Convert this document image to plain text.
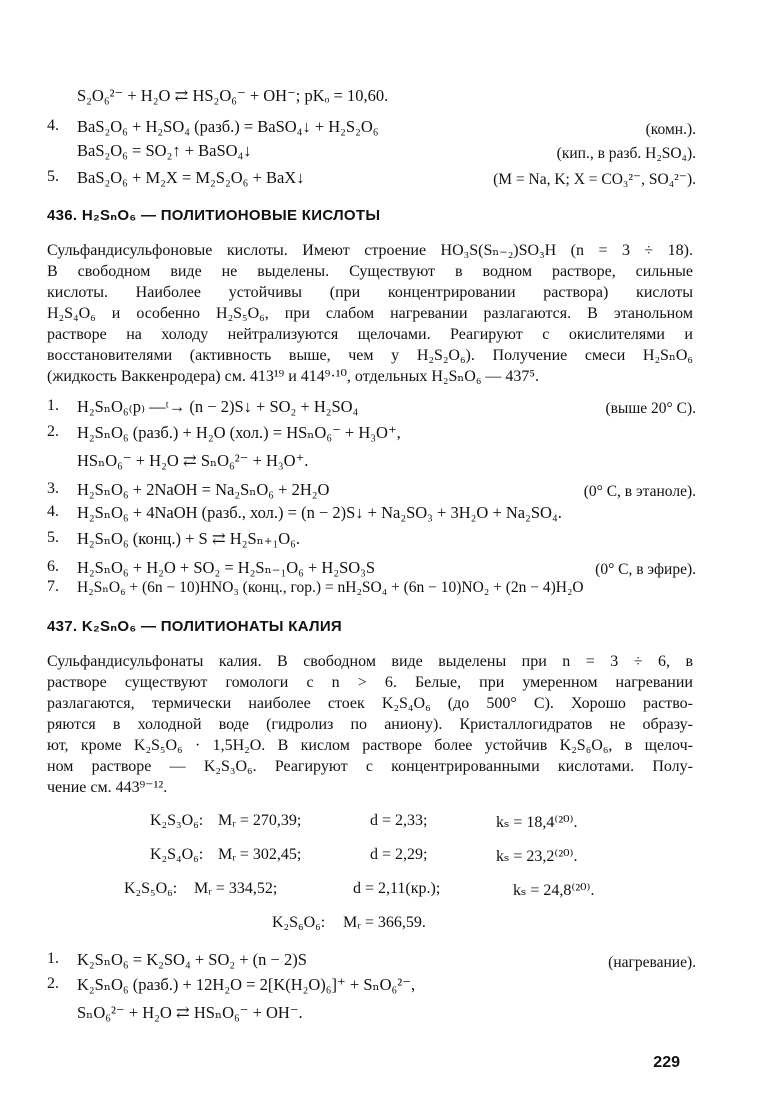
S₂O₆²⁻ + H₂O ⇄ HS₂O₆⁻ + OH⁻; pKₒ = 10,60.
4. BaS₂O₆ + H₂SO₄ (разб.) = BaSO₄↓ + H₂S₂O₆	(комн.).
BaS₂O₆ = SO₂↑ + BaSO₄↓	(кип., в разб. H₂SO₄).
5. BaS₂O₆ + M₂X = M₂S₂O₆ + BaX↓	(M = Na, K; X = CO₃²⁻, SO₄²⁻).
436. H₂SₙO₆ — ПОЛИТИОНОВЫЕ КИСЛОТЫ
Сульфандисульфоновые кислоты. Имеют строение HO₃S(Sₙ₋₂)SO₃H (n = 3 ÷ 18).
В свободном виде не выделены. Существуют в водном растворе, сильные
кислоты. Наиболее устойчивы (при концентрировании раствора) кислоты
H₂S₄O₆ и особенно H₂S₅O₆, при слабом нагревании разлагаются. В этанольном
растворе на холоду нейтрализуются щелочами. Реагируют с окислителями и
восстановителями (активность выше, чем у H₂S₂O₆). Получение смеси H₂SₙO₆
(жидкость Ваккенродера) см. 413¹⁹ и 414⁹·¹⁰, отдельных H₂SₙO₆ — 437⁵.
1. H₂SₙO₆₍р₎ ―ᵗ→ (n − 2)S↓ + SO₂ + H₂SO₄	(выше 20° C).
2. H₂SₙO₆ (разб.) + H₂O (хол.) = HSₙO₆⁻ + H₃O⁺,
HSₙO₆⁻ + H₂O ⇄ SₙO₆²⁻ + H₃O⁺.
3. H₂SₙO₆ + 2NaOH = Na₂SₙO₆ + 2H₂O	(0° C, в этаноле).
4. H₂SₙO₆ + 4NaOH (разб., хол.) = (n − 2)S↓ + Na₂SO₃ + 3H₂O + Na₂SO₄.
5. H₂SₙO₆ (конц.) + S ⇄ H₂Sₙ₊₁O₆.
6. H₂SₙO₆ + H₂O + SO₂ = H₂Sₙ₋₁O₆ + H₂SO₃S	(0° C, в эфире).
7. H₂SₙO₆ + (6n − 10)HNO₃ (конц., гор.) = nH₂SO₄ + (6n − 10)NO₂ + (2n − 4)H₂O
437. K₂SₙO₆ — ПОЛИТИОНАТЫ КАЛИЯ
Сульфандисульфонаты калия. В свободном виде выделены при n = 3 ÷ 6, в
растворе существуют гомологи с n > 6. Белые, при умеренном нагревании
разлагаются, термически наиболее стоек K₂S₄O₆ (до 500° C). Хорошо раство-
ряются в холодной воде (гидролиз по аниону). Кристаллогидратов не образу-
ют, кроме K₂S₅O₆ · 1,5H₂O. В кислом растворе более устойчив K₂S₆O₆, в щелоч-
ном растворе — K₂S₃O₆. Реагируют с концентрированными кислотами. Полу-
чение см. 443⁹⁻¹².
K₂S₃O₆: Mᵣ = 270,39;	d = 2,33;	kₛ = 18,4⁽²⁰⁾.
K₂S₄O₆: Mᵣ = 302,45;	d = 2,29;	kₛ = 23,2⁽²⁰⁾.
K₂S₅O₆: Mᵣ = 334,52;	d = 2,11(кр.);	kₛ = 24,8⁽²⁰⁾.
K₂S₆O₆: Mᵣ = 366,59.
1. K₂SₙO₆ = K₂SO₄ + SO₂ + (n − 2)S	(нагревание).
2. K₂SₙO₆ (разб.) + 12H₂O = 2[K(H₂O)₆]⁺ + SₙO₆²⁻,
SₙO₆²⁻ + H₂O ⇄ HSₙO₆⁻ + OH⁻.
229
